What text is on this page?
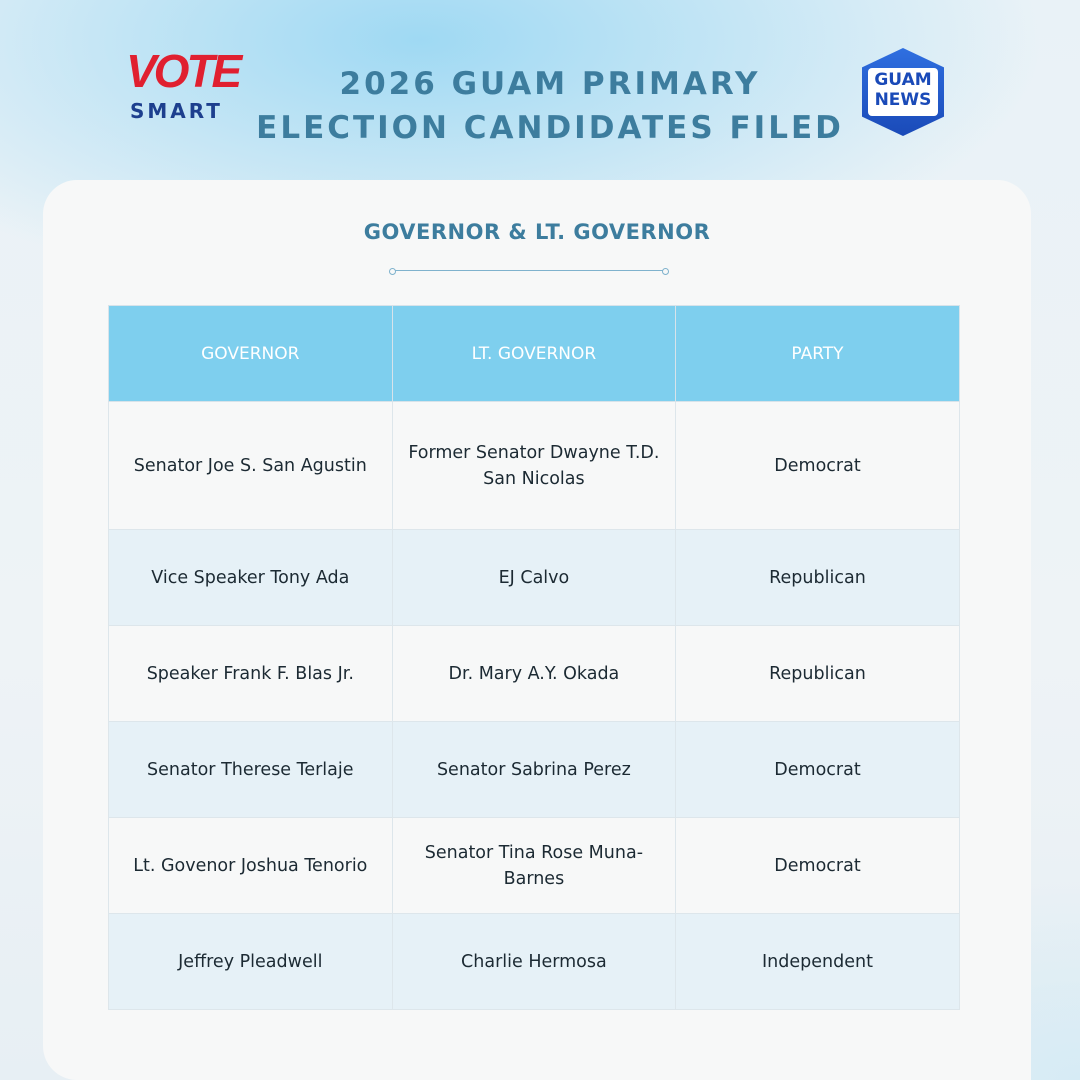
VOTE
SMART
2026 GUAM PRIMARY
ELECTION CANDIDATES FILED
GUAM
NEWS
GOVERNOR & LT. GOVERNOR
GOVERNOR	LT. GOVERNOR	PARTY
Senator Joe S. San Agustin	Former Senator Dwayne T.D. San Nicolas	Democrat
Vice Speaker Tony Ada	EJ Calvo	Republican
Speaker Frank F. Blas Jr.	Dr. Mary A.Y. Okada	Republican
Senator Therese Terlaje	Senator Sabrina Perez	Democrat
Lt. Govenor Joshua Tenorio	Senator Tina Rose Muna-Barnes	Democrat
Jeffrey Pleadwell	Charlie Hermosa	Independent
